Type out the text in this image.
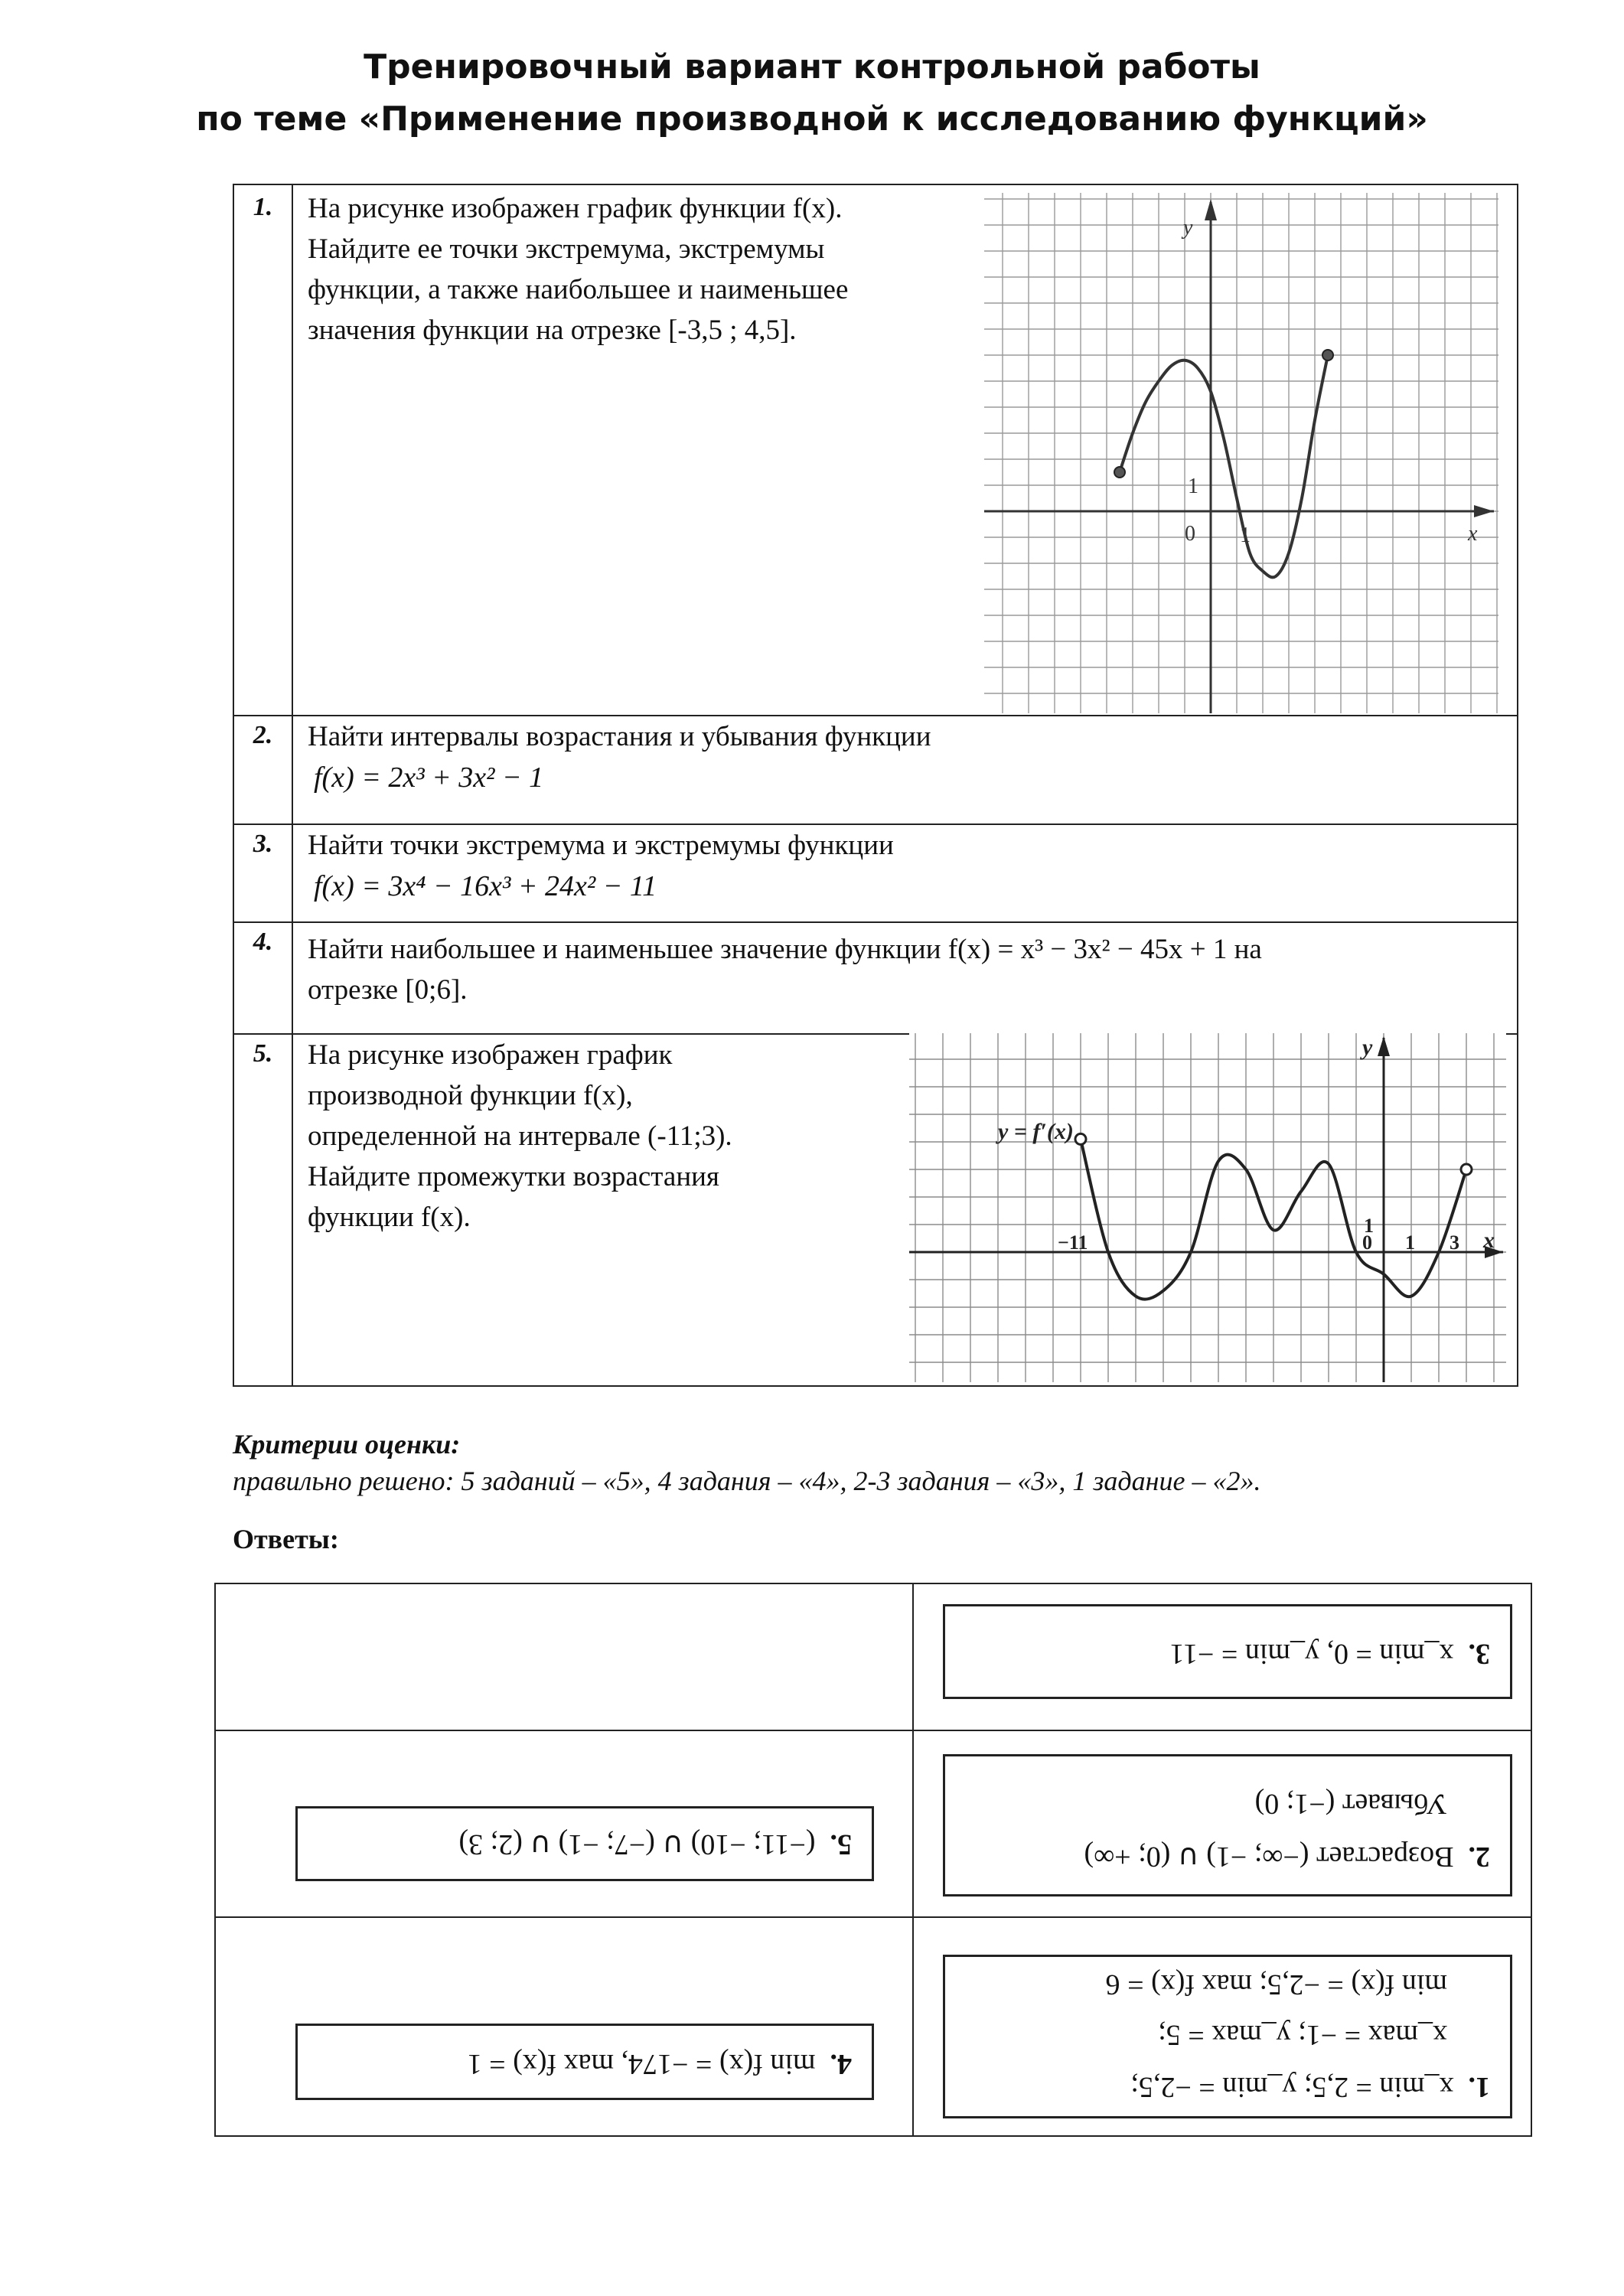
Тренировочный вариант контрольной работы
по теме «Применение производной к исследованию функций»
1.	На рисунке изображен график функции f(x).
Найдите ее точки экстремума, экстремумы
функции, а также наибольшее и наименьшее
значения функции на отрезке [-3,5 ; 4,5].
2.	Найти интервалы возрастания и убывания функции
f(x) = 2x³ + 3x² − 1
3.	Найти точки экстремума и экстремумы функции
f(x) = 3x⁴ − 16x³ + 24x² − 11
4.	Найти наибольшее и наименьшее значение функции f(x) = x³ − 3x² − 45x + 1 на
отрезке [0;6].
5.	На рисунке изображен график
производной функции f(x),
определенной на интервале (-11;3).
Найдите промежутки возрастания
функции f(x).
y
x
0 1
1
y
x
y = f′(x)
−11	0 1 3
1
Критерии оценки:
правильно решено: 5 заданий – «5», 4 задания – «4», 2-3 задания – «3», 1 задание – «2».
Ответы:
3.  x_min = 0, y_min = −11
2.  Возрастает (−∞; −1) ∪ (0; +∞)
Убывает (−1; 0)
5.  (−11; −10) ∪ (−7; −1) ∪ (2; 3)
1.  x_min = 2,5; y_min = −2,5;
x_max = −1; y_max = 5;
min f(x) = −2,5; max f(x) = 6
4.  min f(x) = −174, max f(x) = 1
